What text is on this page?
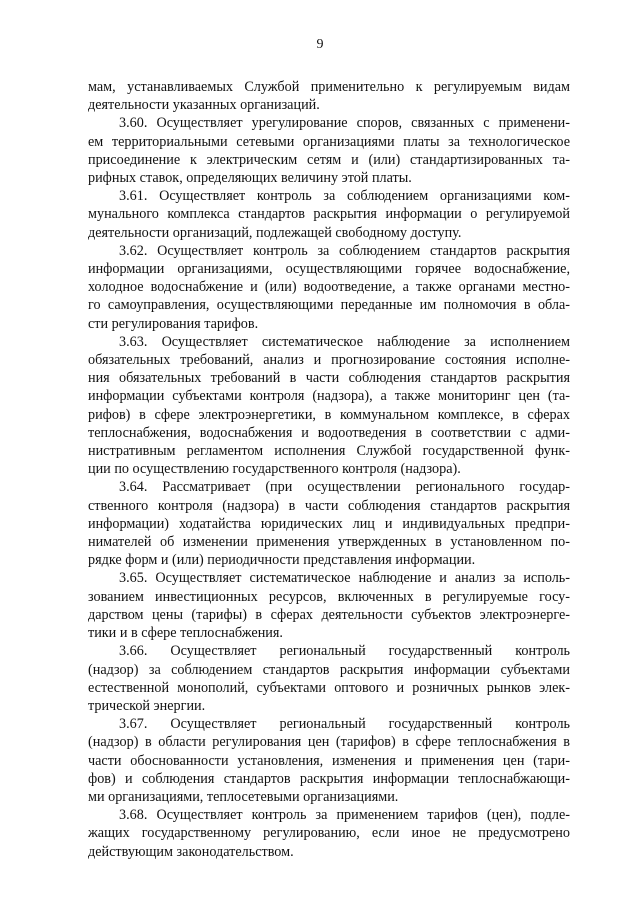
9

мам, устанавливаемых Службой применительно к регулируемым видам
деятельности указанных организаций.

3.60. Осуществляет урегулирование споров, связанных с применени-
ем территориальными сетевыми организациями платы за технологическое
присоединение к электрическим сетям и (или) стандартизированных та-
рифных ставок, определяющих величину этой платы.

3.61. Осуществляет контроль за соблюдением организациями ком-
мунального комплекса стандартов раскрытия информации о регулируемой
деятельности организаций, подлежащей свободному доступу.

3.62. Осуществляет контроль за соблюдением стандартов раскрытия
информации организациями, осуществляющими горячее водоснабжение,
холодное водоснабжение и (или) водоотведение, а также органами местно-
го самоуправления, осуществляющими переданные им полномочия в обла-
сти регулирования тарифов.

3.63. Осуществляет систематическое наблюдение за исполнением
обязательных требований, анализ и прогнозирование состояния исполне-
ния обязательных требований в части соблюдения стандартов раскрытия
информации субъектами контроля (надзора), а также мониторинг цен (та-
рифов) в сфере электроэнергетики, в коммунальном комплексе, в сферах
теплоснабжения, водоснабжения и водоотведения в соответствии с адми-
нистративным регламентом исполнения Службой государственной функ-
ции по осуществлению государственного контроля (надзора).

3.64. Рассматривает (при осуществлении регионального государ-
ственного контроля (надзора) в части соблюдения стандартов раскрытия
информации) ходатайства юридических лиц и индивидуальных предпри-
нимателей об изменении применения утвержденных в установленном по-
рядке форм и (или) периодичности представления информации.

3.65. Осуществляет систематическое наблюдение и анализ за исполь-
зованием инвестиционных ресурсов, включенных в регулируемые госу-
дарством цены (тарифы) в сферах деятельности субъектов электроэнерге-
тики и в сфере теплоснабжения.

3.66. Осуществляет региональный государственный контроль
(надзор) за соблюдением стандартов раскрытия информации субъектами
естественной монополий, субъектами оптового и розничных рынков элек-
трической энергии.

3.67. Осуществляет региональный государственный контроль
(надзор) в области регулирования цен (тарифов) в сфере теплоснабжения в
части обоснованности установления, изменения и применения цен (тари-
фов) и соблюдения стандартов раскрытия информации теплоснабжающи-
ми организациями, теплосетевыми организациями.

3.68. Осуществляет контроль за применением тарифов (цен), подле-
жащих государственному регулированию, если иное не предусмотрено
действующим законодательством.
